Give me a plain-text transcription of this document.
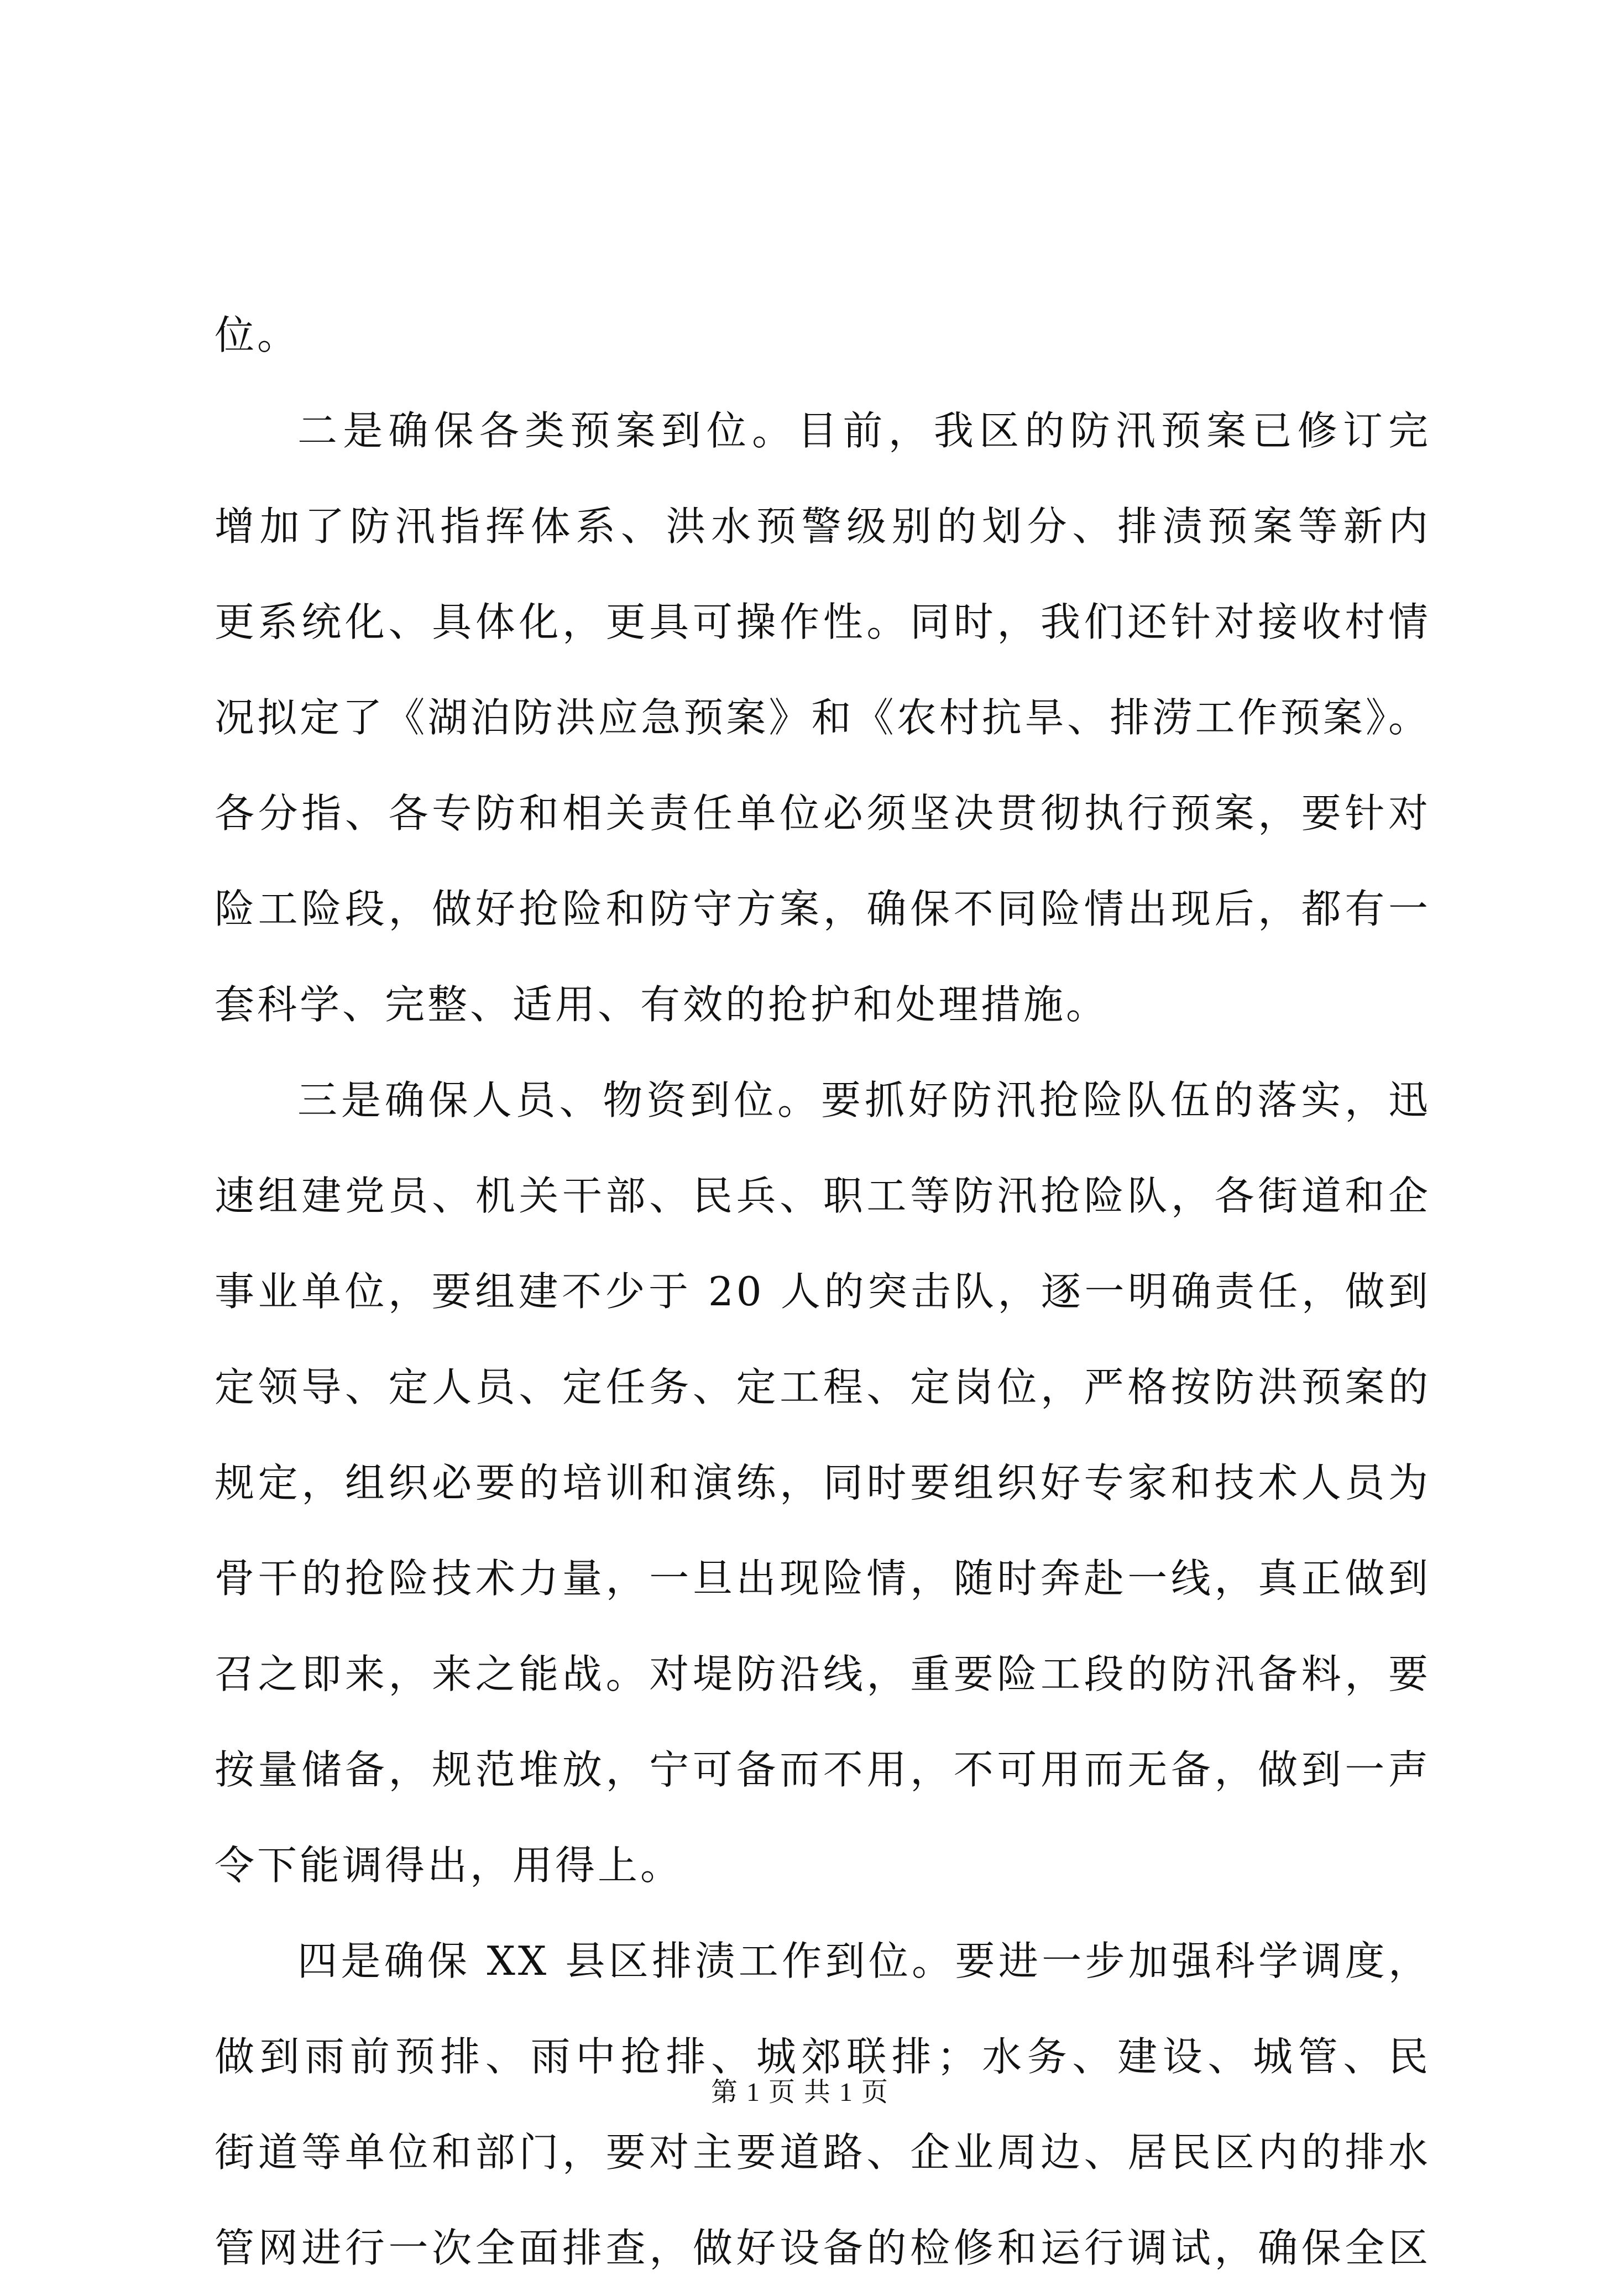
位。
二是确保各类预案到位。目前，我区的防汛预案已修订完
增加了防汛指挥体系、洪水预警级别的划分、排渍预案等新内
更系统化、具体化，更具可操作性。同时，我们还针对接收村情
况拟定了《湖泊防洪应急预案》和《农村抗旱、排涝工作预案》。
各分指、各专防和相关责任单位必须坚决贯彻执行预案，要针对
险工险段，做好抢险和防守方案，确保不同险情出现后，都有一
套科学、完整、适用、有效的抢护和处理措施。
三是确保人员、物资到位。要抓好防汛抢险队伍的落实，迅
速组建党员、机关干部、民兵、职工等防汛抢险队，各街道和企
事业单位，要组建不少于 20 人的突击队，逐一明确责任，做到
定领导、定人员、定任务、定工程、定岗位，严格按防洪预案的
规定，组织必要的培训和演练，同时要组织好专家和技术人员为
骨干的抢险技术力量，一旦出现险情，随时奔赴一线，真正做到
召之即来，来之能战。对堤防沿线，重要险工段的防汛备料，要
按量储备，规范堆放，宁可备而不用，不可用而无备，做到一声
令下能调得出，用得上。
四是确保 XX 县区排渍工作到位。要进一步加强科学调度，
做到雨前预排、雨中抢排、城郊联排；水务、建设、城管、民
街道等单位和部门，要对主要道路、企业周边、居民区内的排水
管网进行一次全面排查，做好设备的检修和运行调试，确保全区
第 1 页 共 1 页
